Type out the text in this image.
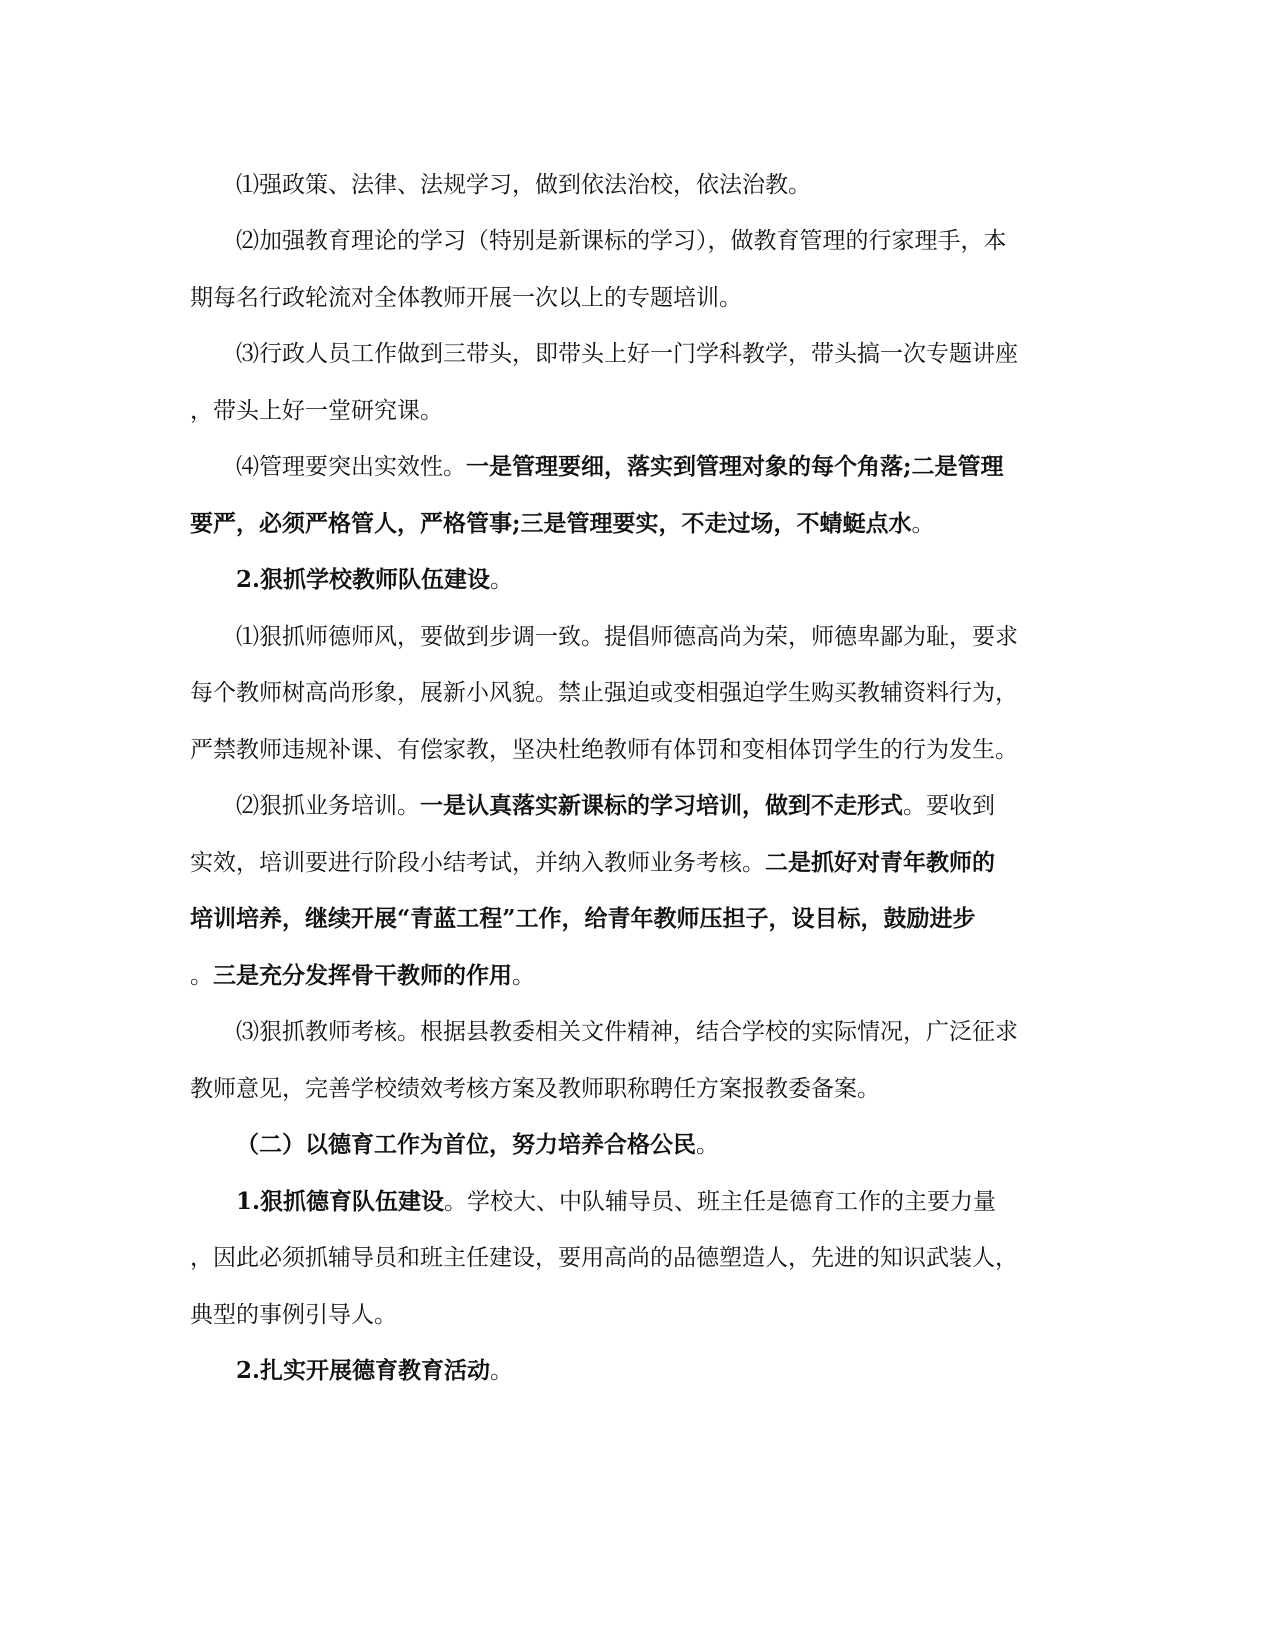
⑴强政策、法律、法规学习，做到依法治校，依法治教。
⑵加强教育理论的学习（特别是新课标的学习），做教育管理的行家理手，本
期每名行政轮流对全体教师开展一次以上的专题培训。
⑶行政人员工作做到三带头，即带头上好一门学科教学，带头搞一次专题讲座
，带头上好一堂研究课。
⑷管理要突出实效性。一是管理要细，落实到管理对象的每个角落;二是管理
要严，必须严格管人，严格管事;三是管理要实，不走过场，不蜻蜓点水。
2.狠抓学校教师队伍建设。
⑴狠抓师德师风，要做到步调一致。提倡师德高尚为荣，师德卑鄙为耻，要求
每个教师树高尚形象，展新小风貌。禁止强迫或变相强迫学生购买教辅资料行为，
严禁教师违规补课、有偿家教，坚决杜绝教师有体罚和变相体罚学生的行为发生。
⑵狠抓业务培训。一是认真落实新课标的学习培训，做到不走形式。要收到
实效，培训要进行阶段小结考试，并纳入教师业务考核。二是抓好对青年教师的
培训培养，继续开展“青蓝工程”工作，给青年教师压担子，设目标，鼓励进步
。三是充分发挥骨干教师的作用。
⑶狠抓教师考核。根据县教委相关文件精神，结合学校的实际情况，广泛征求
教师意见，完善学校绩效考核方案及教师职称聘任方案报教委备案。
（二）以德育工作为首位，努力培养合格公民。
1.狠抓德育队伍建设。学校大、中队辅导员、班主任是德育工作的主要力量
，因此必须抓辅导员和班主任建设，要用高尚的品德塑造人，先进的知识武装人，
典型的事例引导人。
2.扎实开展德育教育活动。
